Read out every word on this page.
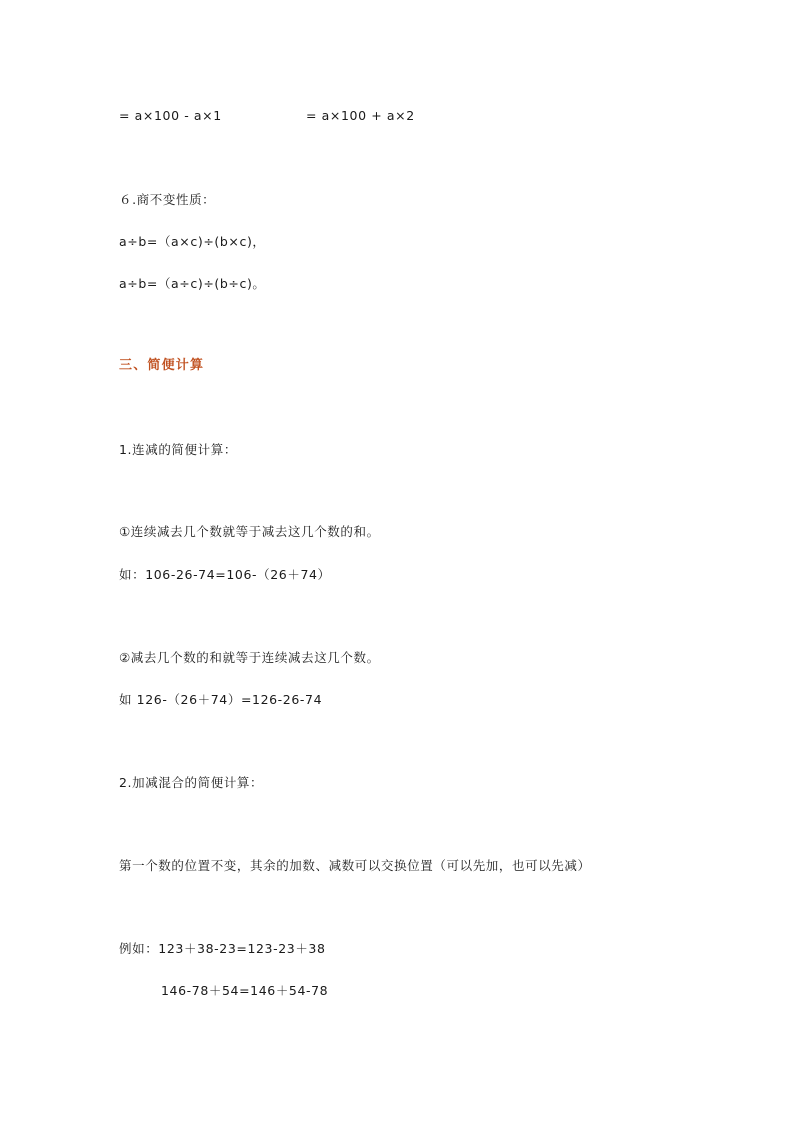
= a×100 - a×1	= a×100 + a×2
６.商不变性质：
a÷b=（a×c)÷(b×c)，
a÷b=（a÷c)÷(b÷c)。
三、简便计算
1.连减的简便计算：
①连续减去几个数就等于减去这几个数的和。
如：106-26-74=106-（26＋74）
②减去几个数的和就等于连续减去这几个数。
如 126-（26＋74）=126-26-74
2.加减混合的简便计算：
第一个数的位置不变，其余的加数、减数可以交换位置（可以先加，也可以先减）
例如：123＋38-23=123-23＋38
146-78＋54=146＋54-78
